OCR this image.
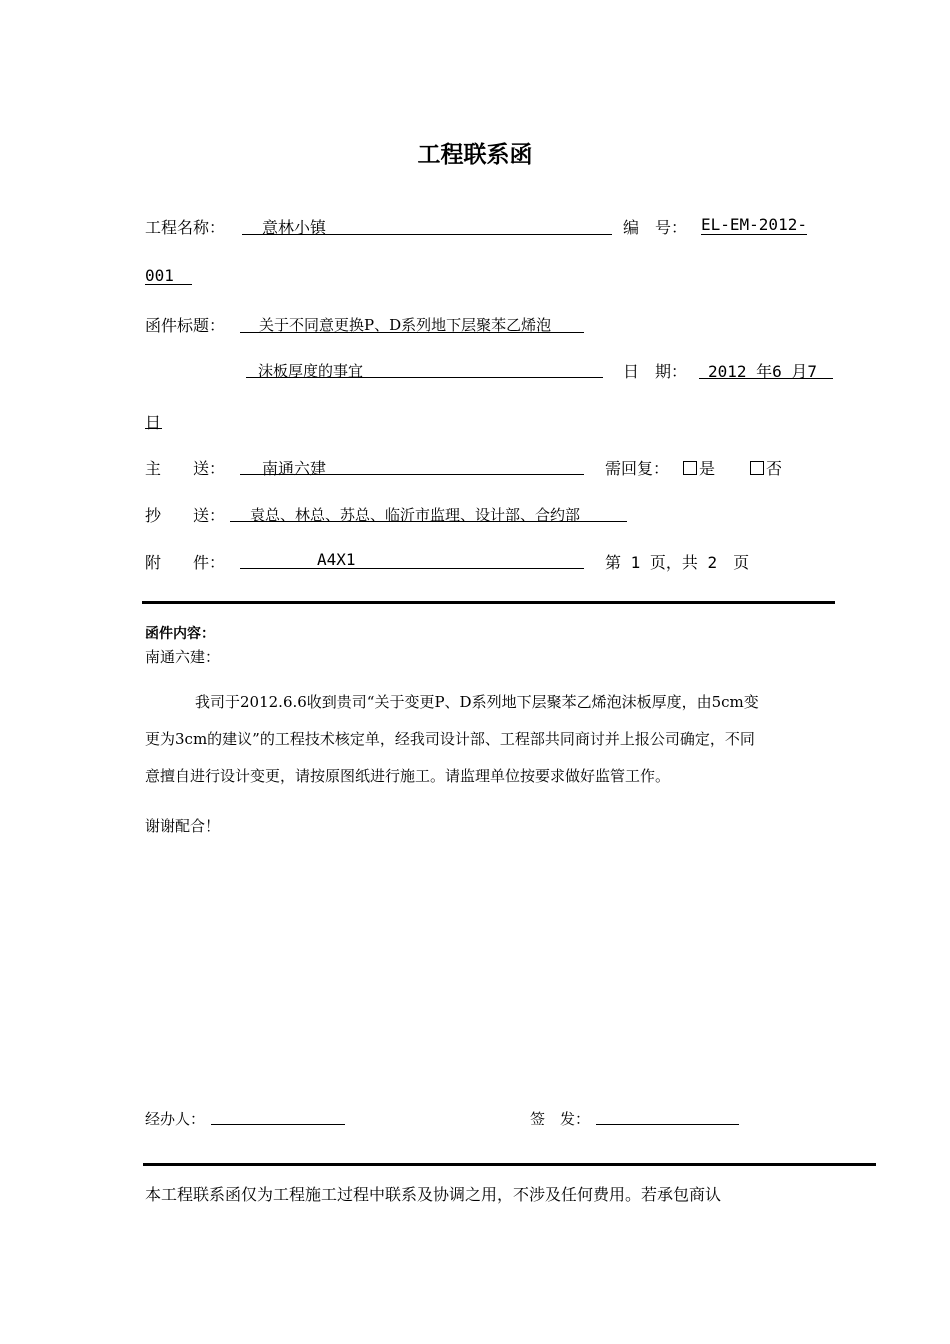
工程联系函
工程名称： 意林小镇	编　号： EL-EM-2012-
001
函件标题： 关于不同意更换P、D系列地下层聚苯乙烯泡
沫板厚度的事宜	日　期： 2012 年6 月7
日
主　　送： 南通六建	需回复：	是	否
抄　　送： 袁总、林总、苏总、临沂市监理、设计部、合约部
附　　件：	A4X1	第 1 页，共 2　页
函件内容：
南通六建：
我司于2012.6.6收到贵司“关于变更P、D系列地下层聚苯乙烯泡沫板厚度，由5cm变
更为3cm的建议”的工程技术核定单，经我司设计部、工程部共同商讨并上报公司确定，不同
意擅自进行设计变更，请按原图纸进行施工。请监理单位按要求做好监管工作。
谢谢配合！
经办人：	签　发：
本工程联系函仅为工程施工过程中联系及协调之用，不涉及任何费用。若承包商认
